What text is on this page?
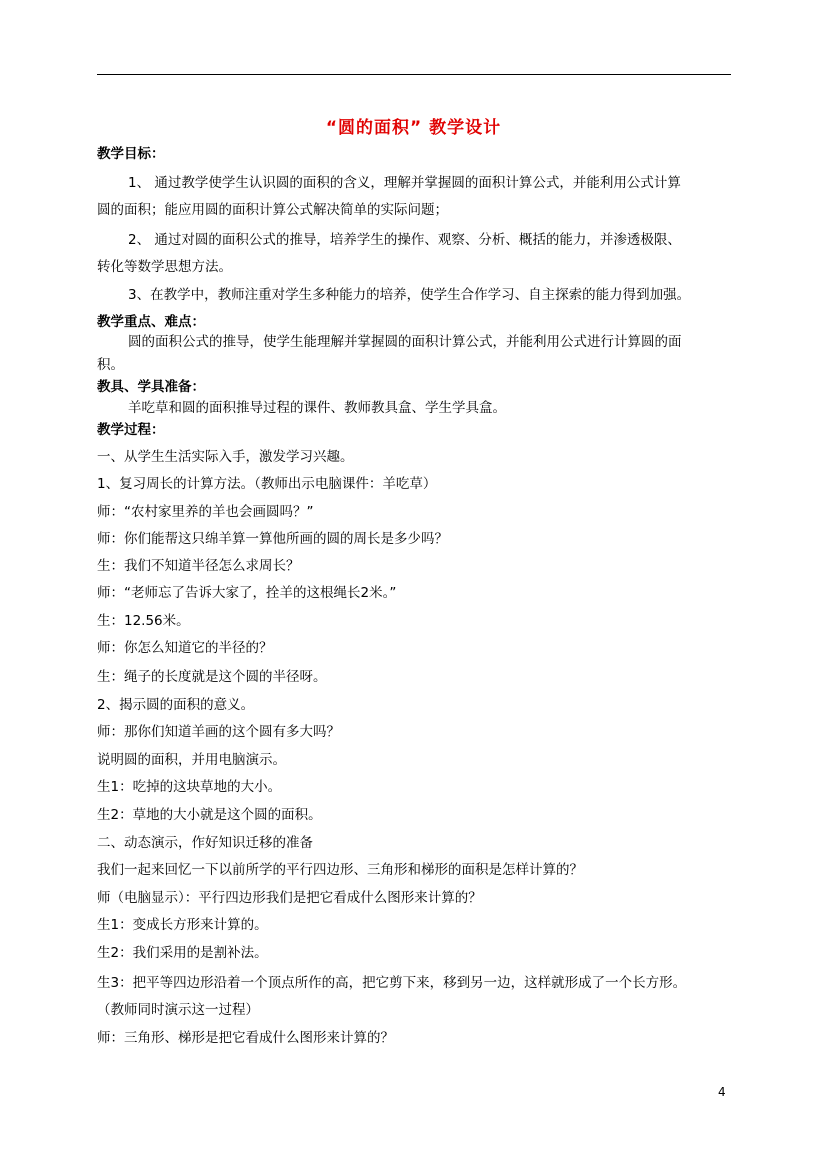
“圆的面积” 教学设计
教学目标：
1、 通过教学使学生认识圆的面积的含义，理解并掌握圆的面积计算公式，并能利用公式计算
圆的面积；能应用圆的面积计算公式解决简单的实际问题；
2、 通过对圆的面积公式的推导，培养学生的操作、观察、分析、概括的能力，并渗透极限、
转化等数学思想方法。
3、在教学中，教师注重对学生多种能力的培养，使学生合作学习、自主探索的能力得到加强。
教学重点、难点：
圆的面积公式的推导，使学生能理解并掌握圆的面积计算公式，并能利用公式进行计算圆的面
积。
教具、学具准备：
羊吃草和圆的面积推导过程的课件、教师教具盒、学生学具盒。
教学过程：
一、从学生生活实际入手，激发学习兴趣。
1、复习周长的计算方法。（教师出示电脑课件：羊吃草）
师：“农村家里养的羊也会画圆吗？”
师：你们能帮这只绵羊算一算他所画的圆的周长是多少吗？
生：我们不知道半径怎么求周长？
师：“老师忘了告诉大家了，拴羊的这根绳长2米。”
生：12.56米。
师：你怎么知道它的半径的？
生：绳子的长度就是这个圆的半径呀。
2、揭示圆的面积的意义。
师：那你们知道羊画的这个圆有多大吗？
说明圆的面积，并用电脑演示。
生1：吃掉的这块草地的大小。
生2：草地的大小就是这个圆的面积。
二、动态演示，作好知识迁移的准备
我们一起来回忆一下以前所学的平行四边形、三角形和梯形的面积是怎样计算的？
师（电脑显示）：平行四边形我们是把它看成什么图形来计算的？
生1：变成长方形来计算的。
生2：我们采用的是割补法。
生3：把平等四边形沿着一个顶点所作的高，把它剪下来，移到另一边，这样就形成了一个长方形。
（教师同时演示这一过程）
师：三角形、梯形是把它看成什么图形来计算的？
4
